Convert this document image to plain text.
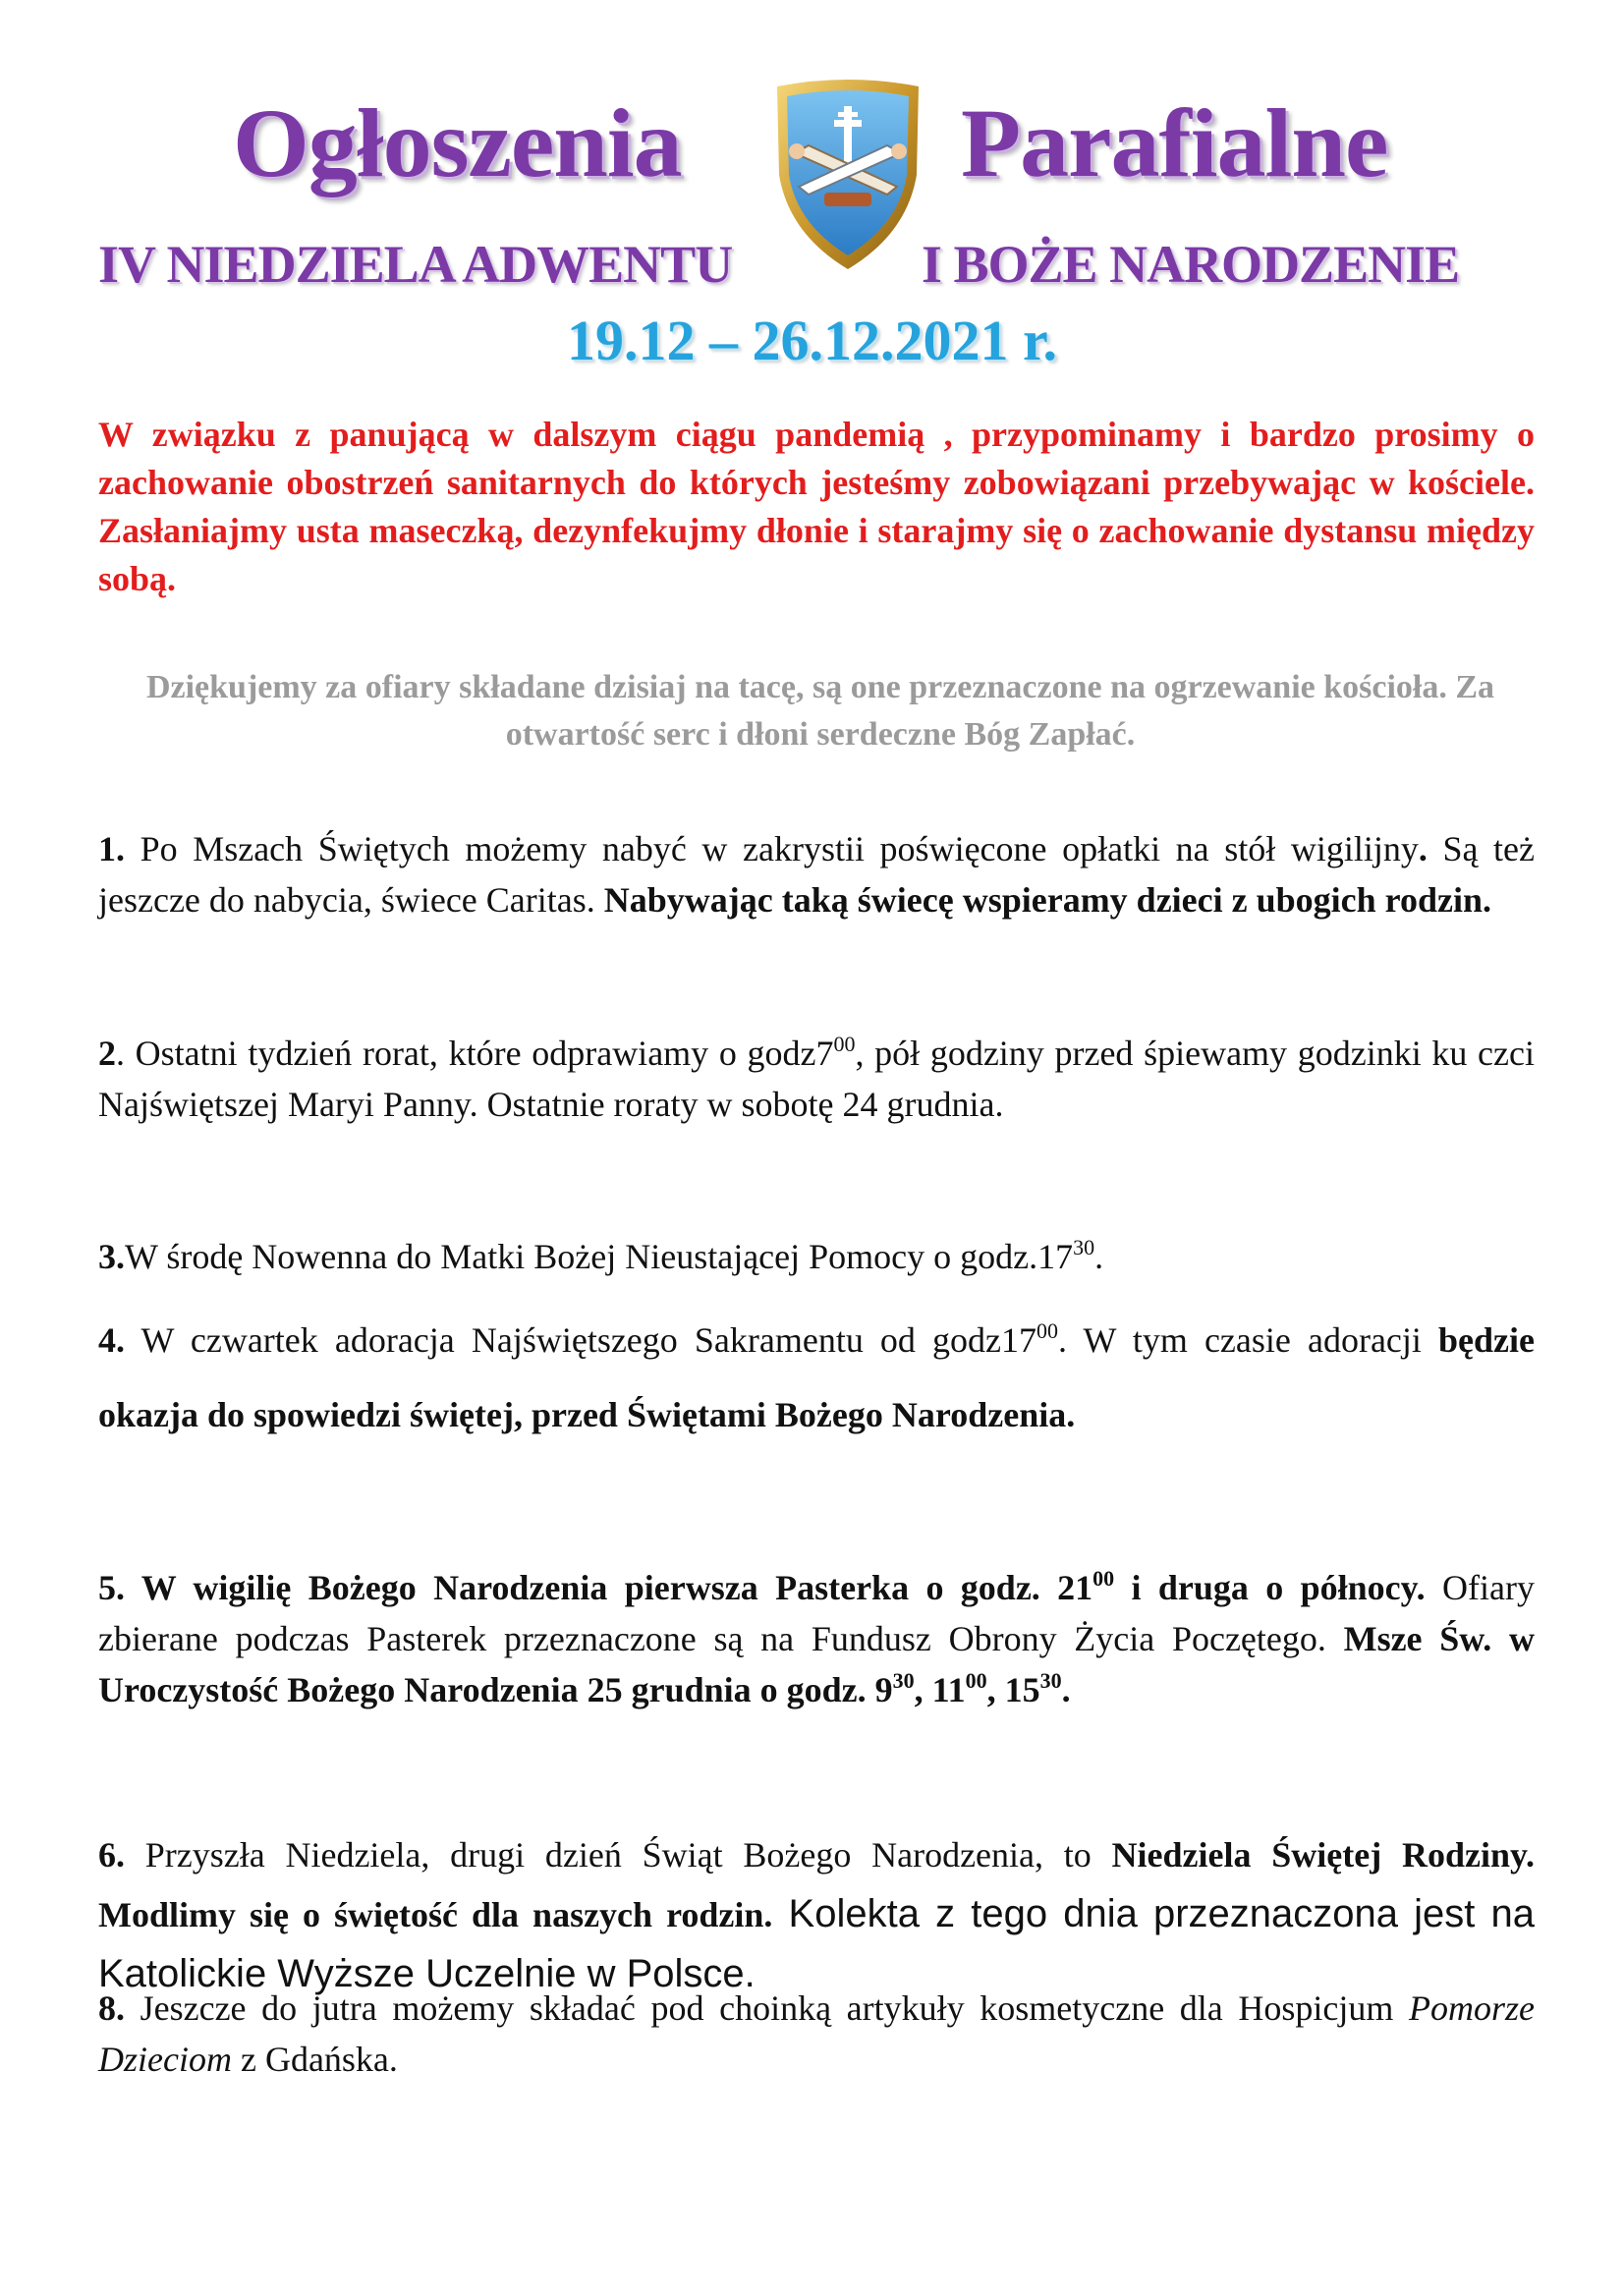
Ogłoszenia	Parafialne
IV NIEDZIELA ADWENTU	I BOŻE NARODZENIE
19.12 – 26.12.2021 r.
W związku z panującą w dalszym ciągu pandemią , przypominamy i bardzo prosimy o zachowanie obostrzeń sanitarnych do których jesteśmy zobowiązani przebywając w kościele. Zasłaniajmy usta maseczką, dezynfekujmy dłonie i starajmy się o zachowanie dystansu między sobą.
Dziękujemy za ofiary składane dzisiaj na tacę, są one przeznaczone na ogrzewanie kościoła. Za otwartość serc i dłoni serdeczne Bóg Zapłać.
1. Po Mszach Świętych możemy nabyć w zakrystii poświęcone opłatki na stół wigilijny. Są też jeszcze do nabycia, świece Caritas. Nabywając taką świecę wspieramy dzieci z ubogich rodzin.
2. Ostatni tydzień rorat, które odprawiamy o $godz7^{00}$, pół godziny przed śpiewamy godzinki ku czci Najświętszej Maryi Panny. Ostatnie roraty w sobotę 24 grudnia.
3.W środę Nowenna do Matki Bożej Nieustającej Pomocy o $godz.17^{30}$.
4. W czwartek adoracja Najświętszego Sakramentu od $godz17^{00}$. W tym czasie adoracji będzie okazja do spowiedzi świętej, przed Świętami Bożego Narodzenia.
5. W wigilię Bożego Narodzenia pierwsza Pasterka o godz. $21^{00}$ i druga o północy. Ofiary zbierane podczas Pasterek przeznaczone są na Fundusz Obrony Życia Poczętego. Msze Św. w Uroczystość Bożego Narodzenia 25 grudnia o godz. $9^{30}$, $11^{00}$, $15^{30}$.
6. Przyszła Niedziela, drugi dzień Świąt Bożego Narodzenia, to Niedziela Świętej Rodziny. Modlimy się o świętość dla naszych rodzin. Kolekta z tego dnia przeznaczona jest na Katolickie Wyższe Uczelnie w Polsce.
8. Jeszcze do jutra możemy składać pod choinką artykuły kosmetyczne dla Hospicjum Pomorze Dzieciom z Gdańska.
